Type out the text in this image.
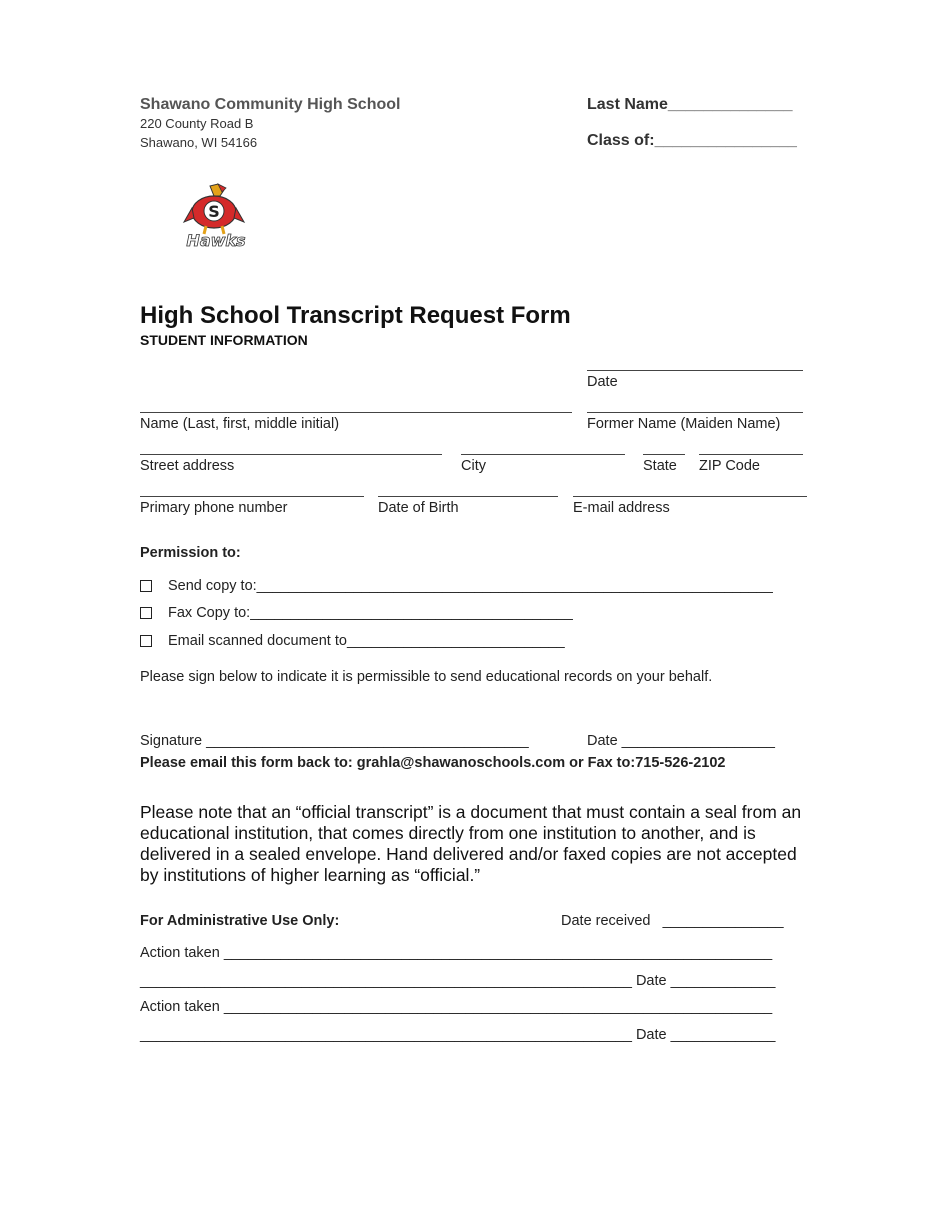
Shawano Community High School
220 County Road B
Shawano, WI 54166
Last Name______________
Class of:________________
S
Hawks
High School Transcript Request Form
STUDENT INFORMATION
Date
Name (Last, first, middle initial)	Former Name (Maiden Name)
Street address	City	State ZIP Code
Primary phone number	Date of Birth	E-mail address
Permission to:
Send copy to:________________________________________________________________
Fax Copy to:________________________________________
Email scanned document to___________________________
Please sign below to indicate it is permissible to send educational records on your behalf.
Signature ________________________________________	Date ___________________
Please email this form back to: grahla@shawanoschools.com or Fax to:715-526-2102
Please note that an “official transcript” is a document that must contain a seal from an educational institution, that comes directly from one institution to another, and is delivered in a sealed envelope. Hand delivered and/or faxed copies are not accepted by institutions of higher learning as “official.”
For Administrative Use Only:	Date received _______________
Action taken ____________________________________________________________________
_____________________________________________________________ Date _____________
Action taken ____________________________________________________________________
_____________________________________________________________ Date _____________
